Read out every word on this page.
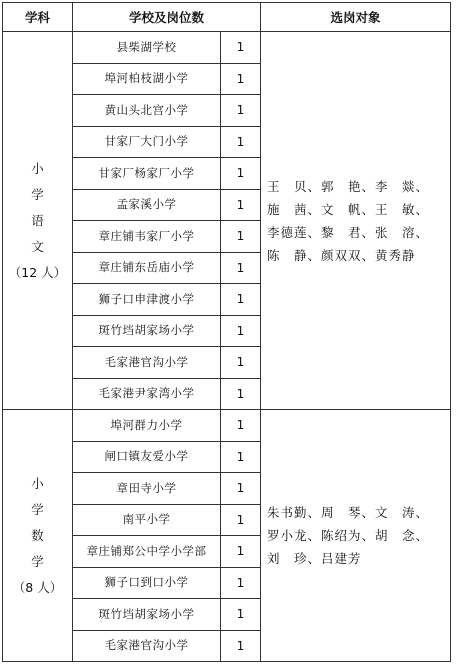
学科	学校及岗位数		选岗对象

小
学
语
文
（12 人）	县柴湖学校	1	王　贝、郭　艳、李　燚、
施　茜、文　帆、王　敏、
李德莲、黎　君、张　溶、
陈　静、颜双双、黄秀静

	埠河柏枝湖小学	1	
	黄山头北宫小学	1	
	甘家厂大门小学	1	
	甘家厂杨家厂小学	1	
	孟家溪小学	1	
	章庄铺韦家厂小学	1	
	章庄铺东岳庙小学	1	
	狮子口申津渡小学	1	
	斑竹垱胡家场小学	1	
	毛家港官沟小学	1	
	毛家港尹家湾小学	1	

小
学
数
学
（8 人）	埠河群力小学	1	朱书勤、周　琴、文　涛、
罗小龙、陈绍为、胡　念、
刘　珍、吕建芳

	闸口镇友爱小学	1	
	章田寺小学	1	
	南平小学	1	
	章庄铺郑公中学小学部	1	
	狮子口到口小学	1	
	斑竹垱胡家场小学	1	
	毛家港官沟小学	1	
